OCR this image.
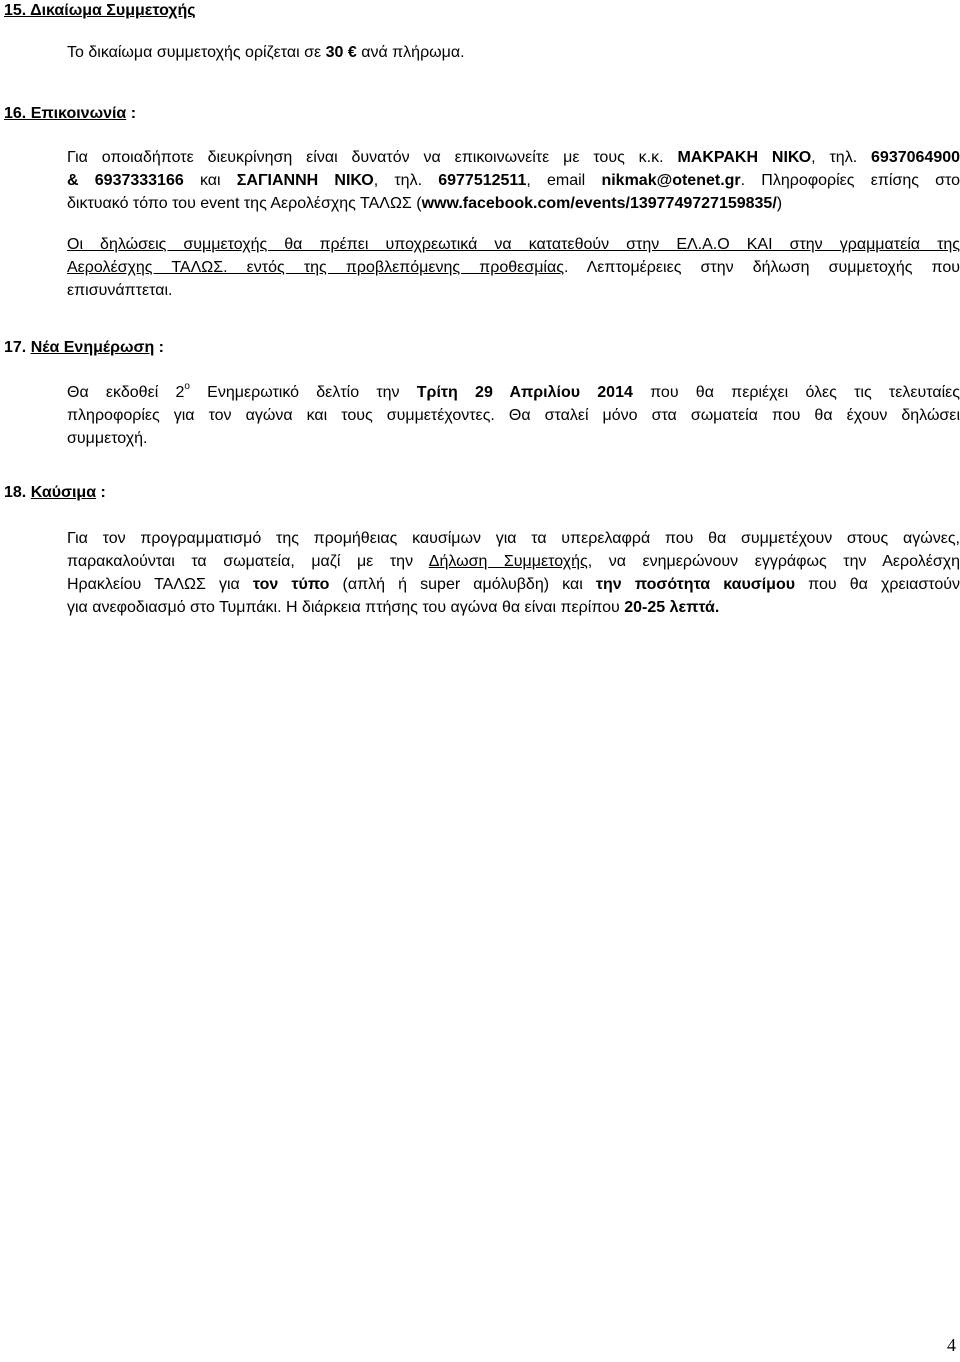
15. Δικαίωμα Συμμετοχής
Το δικαίωμα συμμετοχής ορίζεται σε 30 € ανά πλήρωμα.
16. Επικοινωνία :
Για οποιαδήποτε διευκρίνηση είναι δυνατόν να επικοινωνείτε με τους κ.κ. ΜΑΚΡΑΚΗ ΝΙΚΟ, τηλ. 6937064900
& 6937333166 και ΣΑΓΙΑΝΝΗ ΝΙΚΟ, τηλ. 6977512511, email nikmak@otenet.gr. Πληροφορίες επίσης στο
δικτυακό τόπο του event της Αερολέσχης ΤΑΛΩΣ (www.facebook.com/events/1397749727159835/)
Οι δηλώσεις συμμετοχής θα πρέπει υποχρεωτικά να κατατεθούν στην ΕΛ.Α.Ο ΚΑΙ στην γραμματεία της
Αερολέσχης ΤΑΛΩΣ. εντός της προβλεπόμενης προθεσμίας. Λεπτομέρειες στην δήλωση συμμετοχής που
επισυνάπτεται.
17. Νέα Ενημέρωση :
Θα εκδοθεί $2^o$ Ενημερωτικό δελτίο την Τρίτη 29 Απριλίου 2014 που θα περιέχει όλες τις τελευταίες
πληροφορίες για τον αγώνα και τους συμμετέχοντες. Θα σταλεί μόνο στα σωματεία που θα έχουν δηλώσει
συμμετοχή.
18. Καύσιμα :
Για τον προγραμματισμό της προμήθειας καυσίμων για τα υπερελαφρά που θα συμμετέχουν στους αγώνες,
παρακαλούνται τα σωματεία, μαζί με την Δήλωση Συμμετοχής, να ενημερώνουν εγγράφως την Αερολέσχη
Ηρακλείου ΤΑΛΩΣ για τον τύπο (απλή ή super αμόλυβδη) και την ποσότητα καυσίμου που θα χρειαστούν
για ανεφοδιασμό στο Τυμπάκι. Η διάρκεια πτήσης του αγώνα θα είναι περίπου 20-25 λεπτά.
4
